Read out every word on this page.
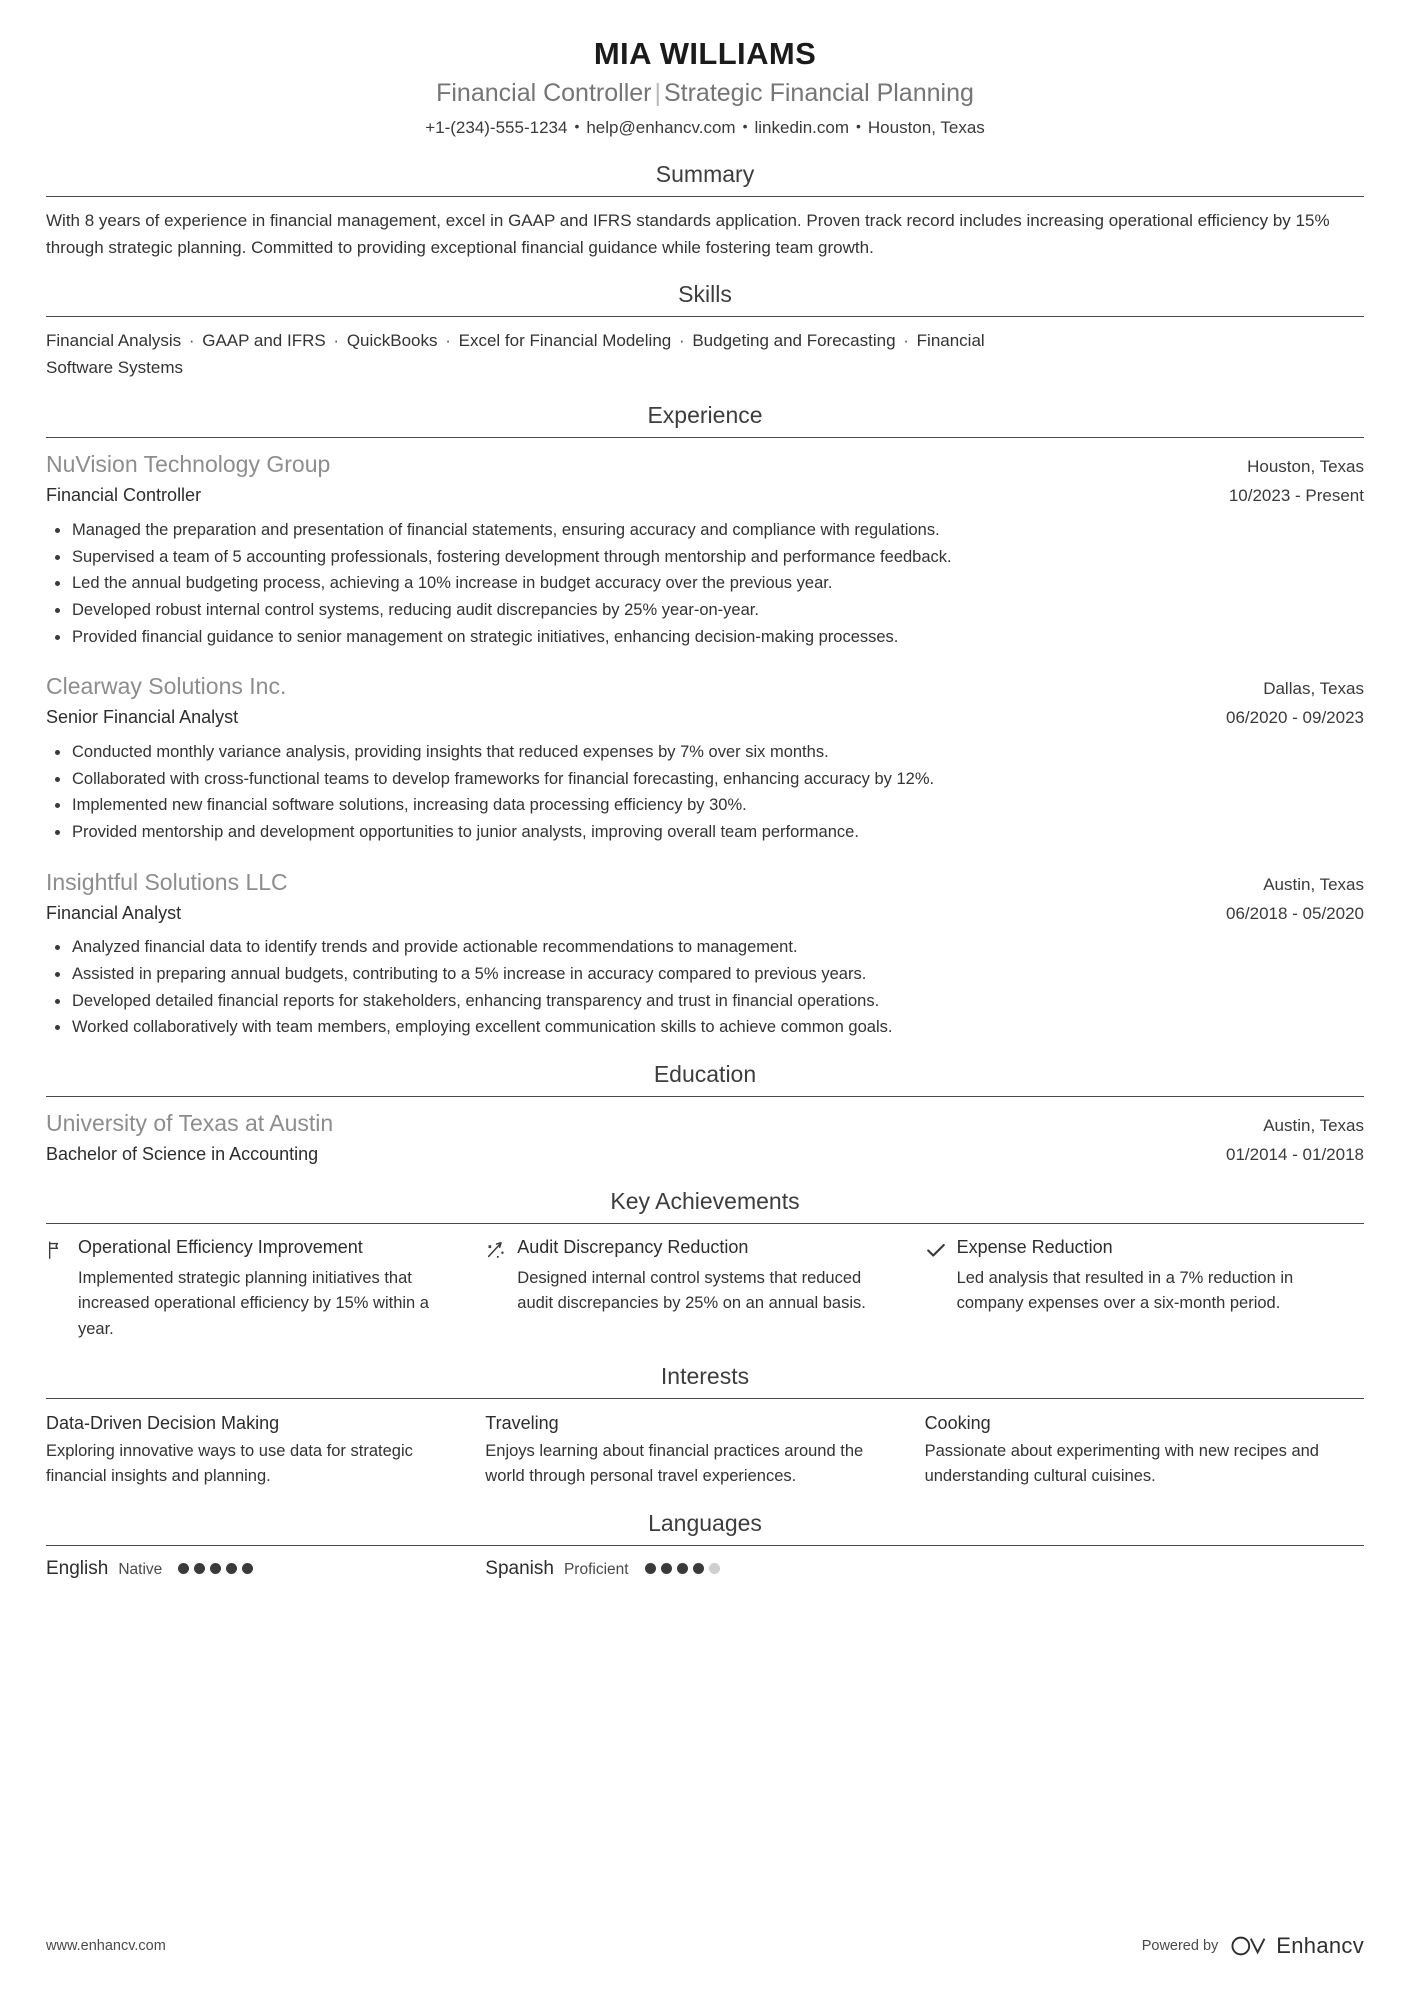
MIA WILLIAMS
Financial Controller | Strategic Financial Planning
+1-(234)-555-1234 • help@enhancv.com • linkedin.com • Houston, Texas
Summary
With 8 years of experience in financial management, excel in GAAP and IFRS standards application. Proven track record includes increasing operational efficiency by 15% through strategic planning. Committed to providing exceptional financial guidance while fostering team growth.
Skills
Financial Analysis · GAAP and IFRS · QuickBooks · Excel for Financial Modeling · Budgeting and Forecasting · Financial Software Systems
Experience
NuVision Technology Group	Houston, Texas
Financial Controller	10/2023 - Present
Managed the preparation and presentation of financial statements, ensuring accuracy and compliance with regulations.
Supervised a team of 5 accounting professionals, fostering development through mentorship and performance feedback.
Led the annual budgeting process, achieving a 10% increase in budget accuracy over the previous year.
Developed robust internal control systems, reducing audit discrepancies by 25% year-on-year.
Provided financial guidance to senior management on strategic initiatives, enhancing decision-making processes.
Clearway Solutions Inc.	Dallas, Texas
Senior Financial Analyst	06/2020 - 09/2023
Conducted monthly variance analysis, providing insights that reduced expenses by 7% over six months.
Collaborated with cross-functional teams to develop frameworks for financial forecasting, enhancing accuracy by 12%.
Implemented new financial software solutions, increasing data processing efficiency by 30%.
Provided mentorship and development opportunities to junior analysts, improving overall team performance.
Insightful Solutions LLC	Austin, Texas
Financial Analyst	06/2018 - 05/2020
Analyzed financial data to identify trends and provide actionable recommendations to management.
Assisted in preparing annual budgets, contributing to a 5% increase in accuracy compared to previous years.
Developed detailed financial reports for stakeholders, enhancing transparency and trust in financial operations.
Worked collaboratively with team members, employing excellent communication skills to achieve common goals.
Education
University of Texas at Austin	Austin, Texas
Bachelor of Science in Accounting	01/2014 - 01/2018
Key Achievements
Operational Efficiency Improvement
Implemented strategic planning initiatives that increased operational efficiency by 15% within a year.
Audit Discrepancy Reduction
Designed internal control systems that reduced audit discrepancies by 25% on an annual basis.
Expense Reduction
Led analysis that resulted in a 7% reduction in company expenses over a six-month period.
Interests
Data-Driven Decision Making
Exploring innovative ways to use data for strategic financial insights and planning.
Traveling
Enjoys learning about financial practices around the world through personal travel experiences.
Cooking
Passionate about experimenting with new recipes and understanding cultural cuisines.
Languages
English Native	Spanish Proficient
www.enhancv.com	Powered by	Enhancv
